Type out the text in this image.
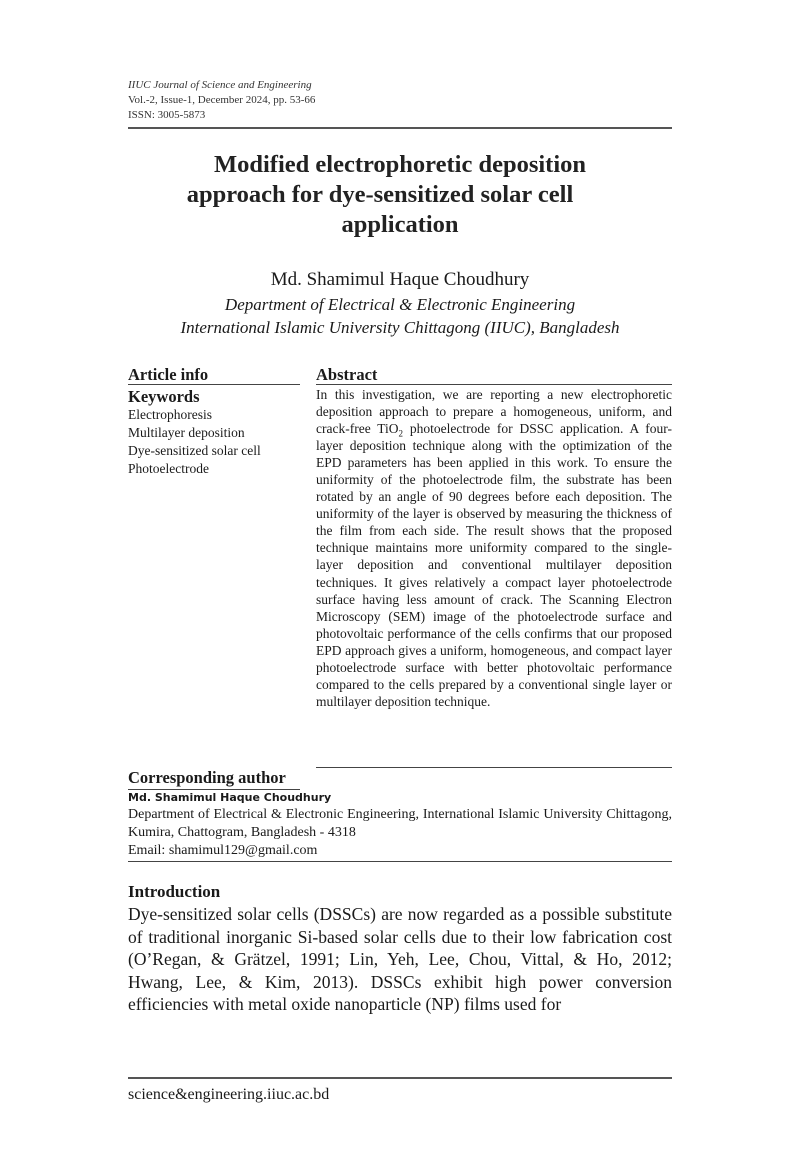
IIUC Journal of Science and Engineering
Vol.-2, Issue-1, December 2024, pp. 53-66
ISSN: 3005-5873
Modified electrophoretic deposition
approach for dye-sensitized solar cell
application
Md. Shamimul Haque Choudhury
Department of Electrical & Electronic Engineering
International Islamic University Chittagong (IIUC), Bangladesh
Article info	Abstract
Keywords
Electrophoresis
Multilayer deposition
Dye-sensitized solar cell
Photoelectrode
In this investigation, we are reporting a new electrophoretic deposition approach to prepare a homogeneous, uniform, and crack-free TiO$_2$ photoelectrode for DSSC application. A four-layer deposition technique along with the optimization of the EPD parameters has been applied in this work. To ensure the uniformity of the photoelectrode film, the substrate has been rotated by an angle of 90 degrees before each deposition. The uniformity of the layer is observed by measuring the thickness of the film from each side. The result shows that the proposed technique maintains more uniformity compared to the single-layer deposition and conventional multilayer deposition techniques. It gives relatively a compact layer photoelectrode surface having less amount of crack. The Scanning Electron Microscopy (SEM) image of the photoelectrode surface and photovoltaic performance of the cells confirms that our proposed EPD approach gives a uniform, homogeneous, and compact layer photoelectrode surface with better photovoltaic performance compared to the cells prepared by a conventional single layer or multilayer deposition technique.
Corresponding author
Md. Shamimul Haque Choudhury
Department of Electrical & Electronic Engineering, International Islamic University Chittagong, Kumira, Chattogram, Bangladesh - 4318
Email: shamimul129@gmail.com
Introduction
Dye-sensitized solar cells (DSSCs) are now regarded as a possible substitute of traditional inorganic Si-based solar cells due to their low fabrication cost (O’Regan, & Grätzel, 1991; Lin, Yeh, Lee, Chou, Vittal, & Ho, 2012; Hwang, Lee, & Kim, 2013). DSSCs exhibit high power conversion efficiencies with metal oxide nanoparticle (NP) films used for
science&engineering.iiuc.ac.bd
